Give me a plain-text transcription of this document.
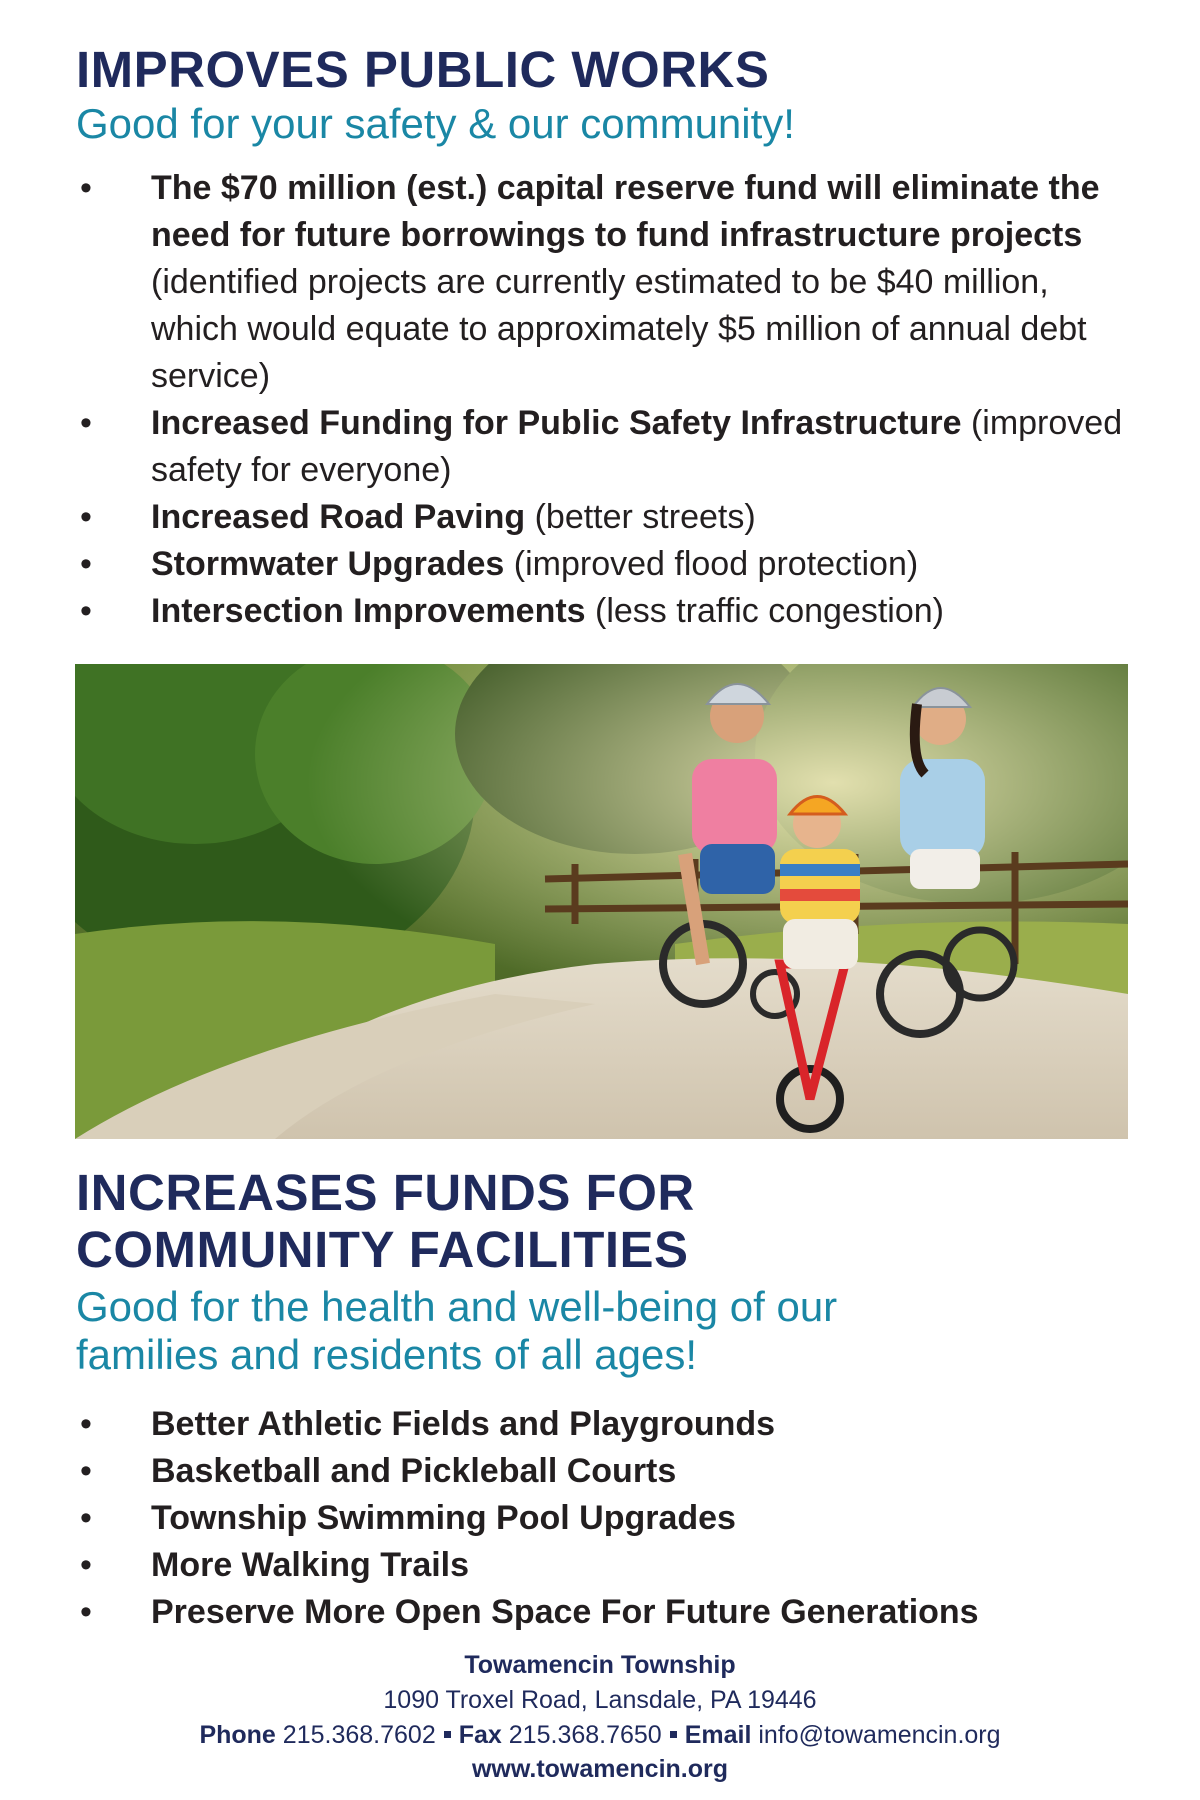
IMPROVES PUBLIC WORKS
Good for your safety & our community!
• The $70 million (est.) capital reserve fund will eliminate the need for future borrowings to fund infrastructure projects (identified projects are currently estimated to be $40 million, which would equate to approximately $5 million of annual debt service)
• Increased Funding for Public Safety Infrastructure (improved safety for everyone)
• Increased Road Paving (better streets)
• Stormwater Upgrades (improved flood protection)
• Intersection Improvements (less traffic congestion)
INCREASES FUNDS FOR
COMMUNITY FACILITIES
Good for the health and well-being of our
families and residents of all ages!
• Better Athletic Fields and Playgrounds
• Basketball and Pickleball Courts
• Township Swimming Pool Upgrades
• More Walking Trails
• Preserve More Open Space For Future Generations

Towamencin Township

1090 Troxel Road, Lansdale, PA 19446

Phone 215.368.7602 Fax 215.368.7650 Email info@towamencin.org

www.towamencin.org
